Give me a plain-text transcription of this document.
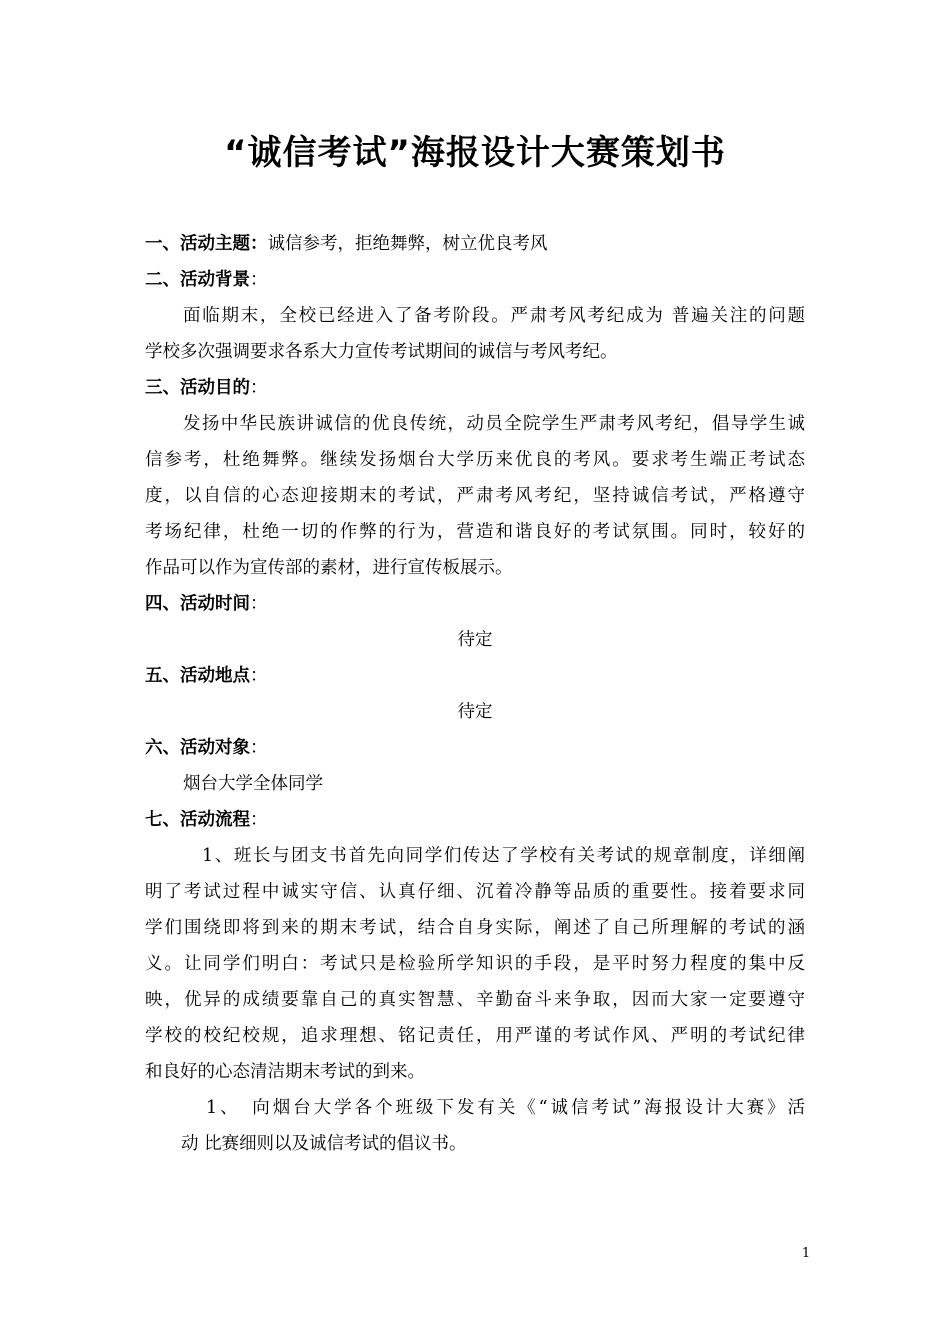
“诚信考试”海报设计大赛策划书
一、活动主题：诚信参考，拒绝舞弊，树立优良考风
二、活动背景：
面临期末，全校已经进入了备考阶段。严肃考风考纪成为 普遍关注的问题
学校多次强调要求各系大力宣传考试期间的诚信与考风考纪。
三、活动目的：
发扬中华民族讲诚信的优良传统，动员全院学生严肃考风考纪，倡导学生诚
信参考，杜绝舞弊。继续发扬烟台大学历来优良的考风。要求考生端正考试态
度，以自信的心态迎接期末的考试，严肃考风考纪，坚持诚信考试，严格遵守
考场纪律，杜绝一切的作弊的行为，营造和谐良好的考试氛围。同时，较好的
作品可以作为宣传部的素材，进行宣传板展示。
四、活动时间：
待定
五、活动地点：
待定
六、活动对象：
烟台大学全体同学
七、活动流程：
1、班长与团支书首先向同学们传达了学校有关考试的规章制度，详细阐
明了考试过程中诚实守信、认真仔细、沉着冷静等品质的重要性。接着要求同
学们围绕即将到来的期末考试，结合自身实际，阐述了自己所理解的考试的涵
义。让同学们明白：考试只是检验所学知识的手段，是平时努力程度的集中反
映，优异的成绩要靠自己的真实智慧、辛勤奋斗来争取，因而大家一定要遵守
学校的校纪校规，追求理想、铭记责任，用严谨的考试作风、严明的考试纪律
和良好的心态清洁期末考试的到来。
1、　向烟台大学各个班级下发有关《“诚信考试”海报设计大赛》活
动 比赛细则以及诚信考试的倡议书。
1
